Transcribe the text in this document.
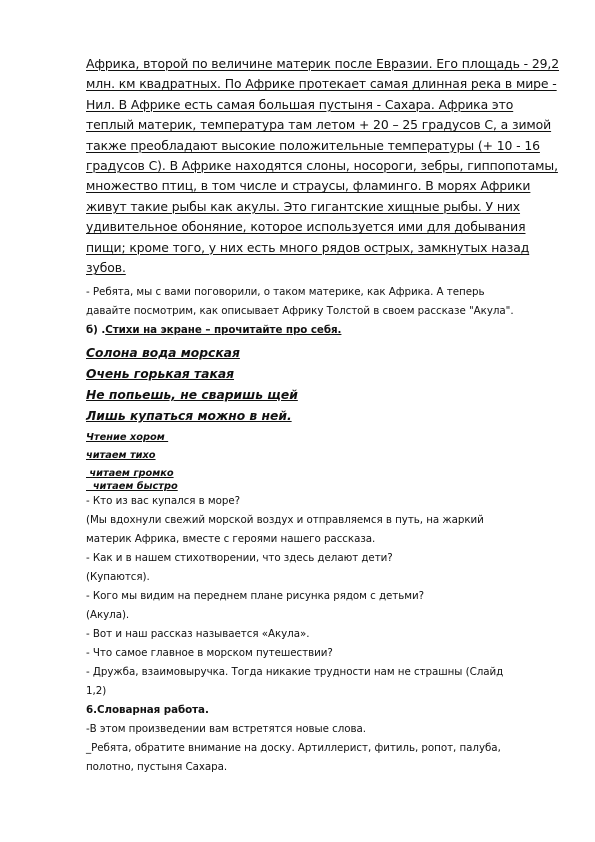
Африка, второй по величине материк после Евразии. Его площадь - 29,2
млн. км квадратных. По Африке протекает самая длинная река в мире -
Нил. В Африке есть самая большая пустыня - Сахара. Африка это
теплый материк, температура там летом + 20 – 25 градусов С, а зимой
также преобладают высокие положительные температуры (+ 10 - 16
градусов С). В Африке находятся слоны, носороги, зебры, гиппопотамы,
множество птиц, в том числе и страусы, фламинго. В морях Африки
живут такие рыбы как акулы. Это гигантские хищные рыбы. У них
удивительное обоняние, которое используется ими для добывания
пищи; кроме того, у них есть много рядов острых, замкнутых назад
зубов.
- Ребята, мы с вами поговорили, о таком материке, как Африка. А теперь
давайте посмотрим, как описывает Африку Толстой в своем рассказе "Акула".
б) .Стихи на экране – прочитайте про себя.
Солона вода морская
Очень горькая такая
Не попьешь, не сваришь щей
Лишь купаться можно в ней.
Чтение хором
читаем тихо
читаем громко
читаем быстро
- Кто из вас купался в море?
(Мы вдохнули свежий морской воздух и отправляемся в путь, на жаркий
материк Африка, вместе с героями нашего рассказа.
- Как и в нашем стихотворении, что здесь делают дети?
(Купаются).
- Кого мы видим на переднем плане рисунка рядом с детьми?
(Акула).
- Вот и наш рассказ называется «Акула».
- Что самое главное в морском путешествии?
- Дружба, взаимовыручка. Тогда никакие трудности нам не страшны (Слайд
1,2)
6.Словарная работа.
-В этом произведении вам встретятся новые слова.
_Ребята, обратите внимание на доску. Артиллерист, фитиль, ропот, палуба,
полотно, пустыня Сахара.
